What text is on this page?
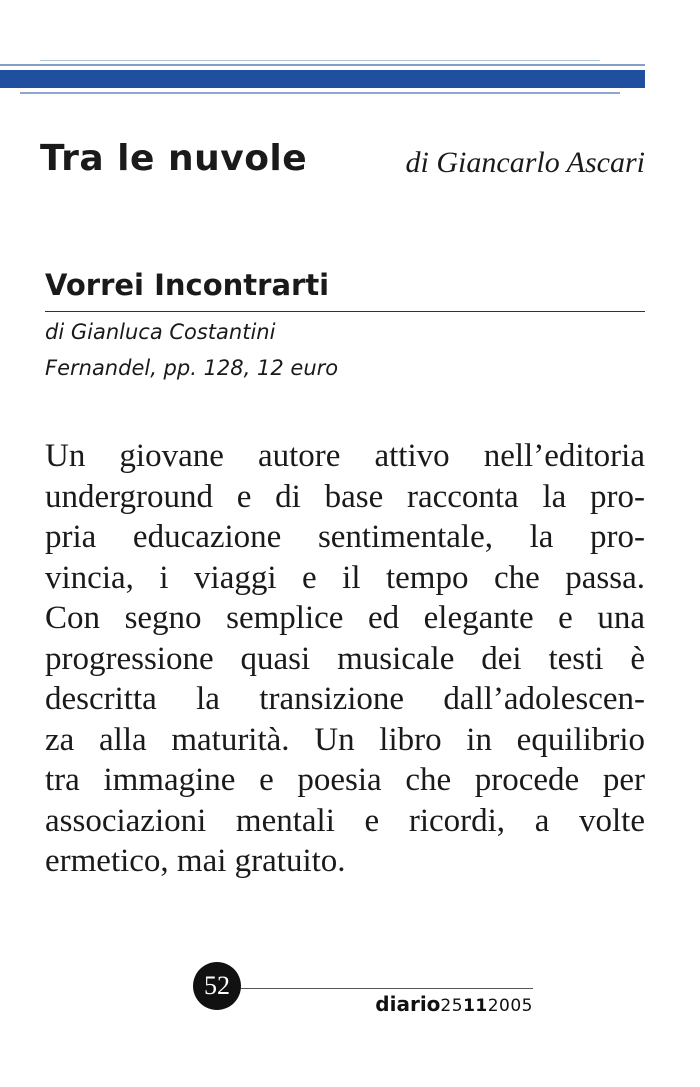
Tra le nuvole	di Giancarlo Ascari
Vorrei Incontrarti
di Gianluca Costantini
Fernandel, pp. 128, 12 euro
Un giovane autore attivo nell’editoria
underground e di base racconta la pro-
pria educazione sentimentale, la pro-
vincia, i viaggi e il tempo che passa.
Con segno semplice ed elegante e una
progressione quasi musicale dei testi è
descritta la transizione dall’adolescen-
za alla maturità. Un libro in equilibrio
tra immagine e poesia che procede per
associazioni mentali e ricordi, a volte
ermetico, mai gratuito.
52
diario25112005
